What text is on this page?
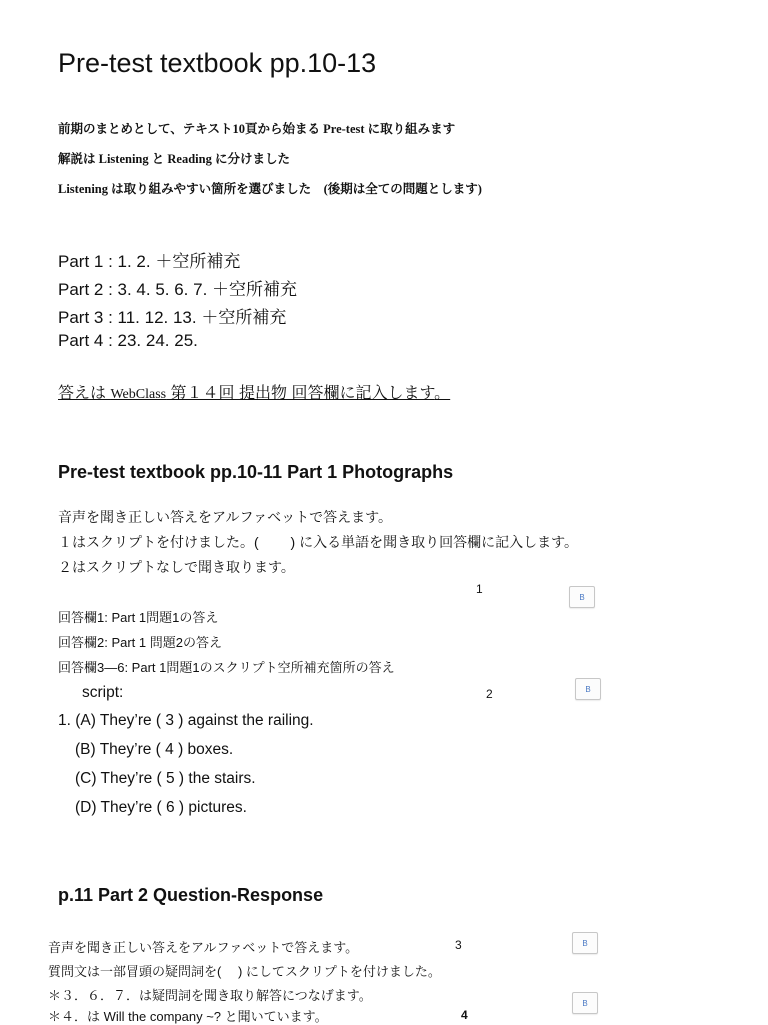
Pre-test textbook pp.10-13
前期のまとめとして、テキスト10頁から始まる Pre-test に取り組みます
解説は Listening と Reading に分けました
Listening は取り組みやすい箇所を選びました　(後期は全ての問題とします)
Part 1 : 1. 2. ＋空所補充
Part 2 : 3. 4. 5. 6. 7. ＋空所補充
Part 3 : 11. 12. 13. ＋空所補充
Part 4 : 23. 24. 25.
答えは WebClass 第１４回 提出物 回答欄に記入します。
Pre-test textbook pp.10-11 Part 1 Photographs
音声を聞き正しい答えをアルファベットで答えます。
１はスクリプトを付けました。(　　 ) に入る単語を聞き取り回答欄に記入します。
２はスクリプトなしで聞き取ります。
1
B
回答欄1: Part 1問題1の答え
回答欄2: Part 1 問題2の答え
回答欄3―6: Part 1問題1のスクリプト空所補充箇所の答え
script:	2	B
1. (A) They’re ( 3 ) against the railing.
(B) They’re ( 4 ) boxes.
(C) They’re ( 5 ) the stairs.
(D) They’re ( 6 ) pictures.
p.11 Part 2 Question-Response
音声を聞き正しい答えをアルファベットで答えます。	3	B
質問文は一部冒頭の疑問詞を(　 ) にしてスクリプトを付けました。
＊３．６．７．は疑問詞を聞き取り解答につなげます。
＊４．は Will the company ~? と聞いています。	4
B
